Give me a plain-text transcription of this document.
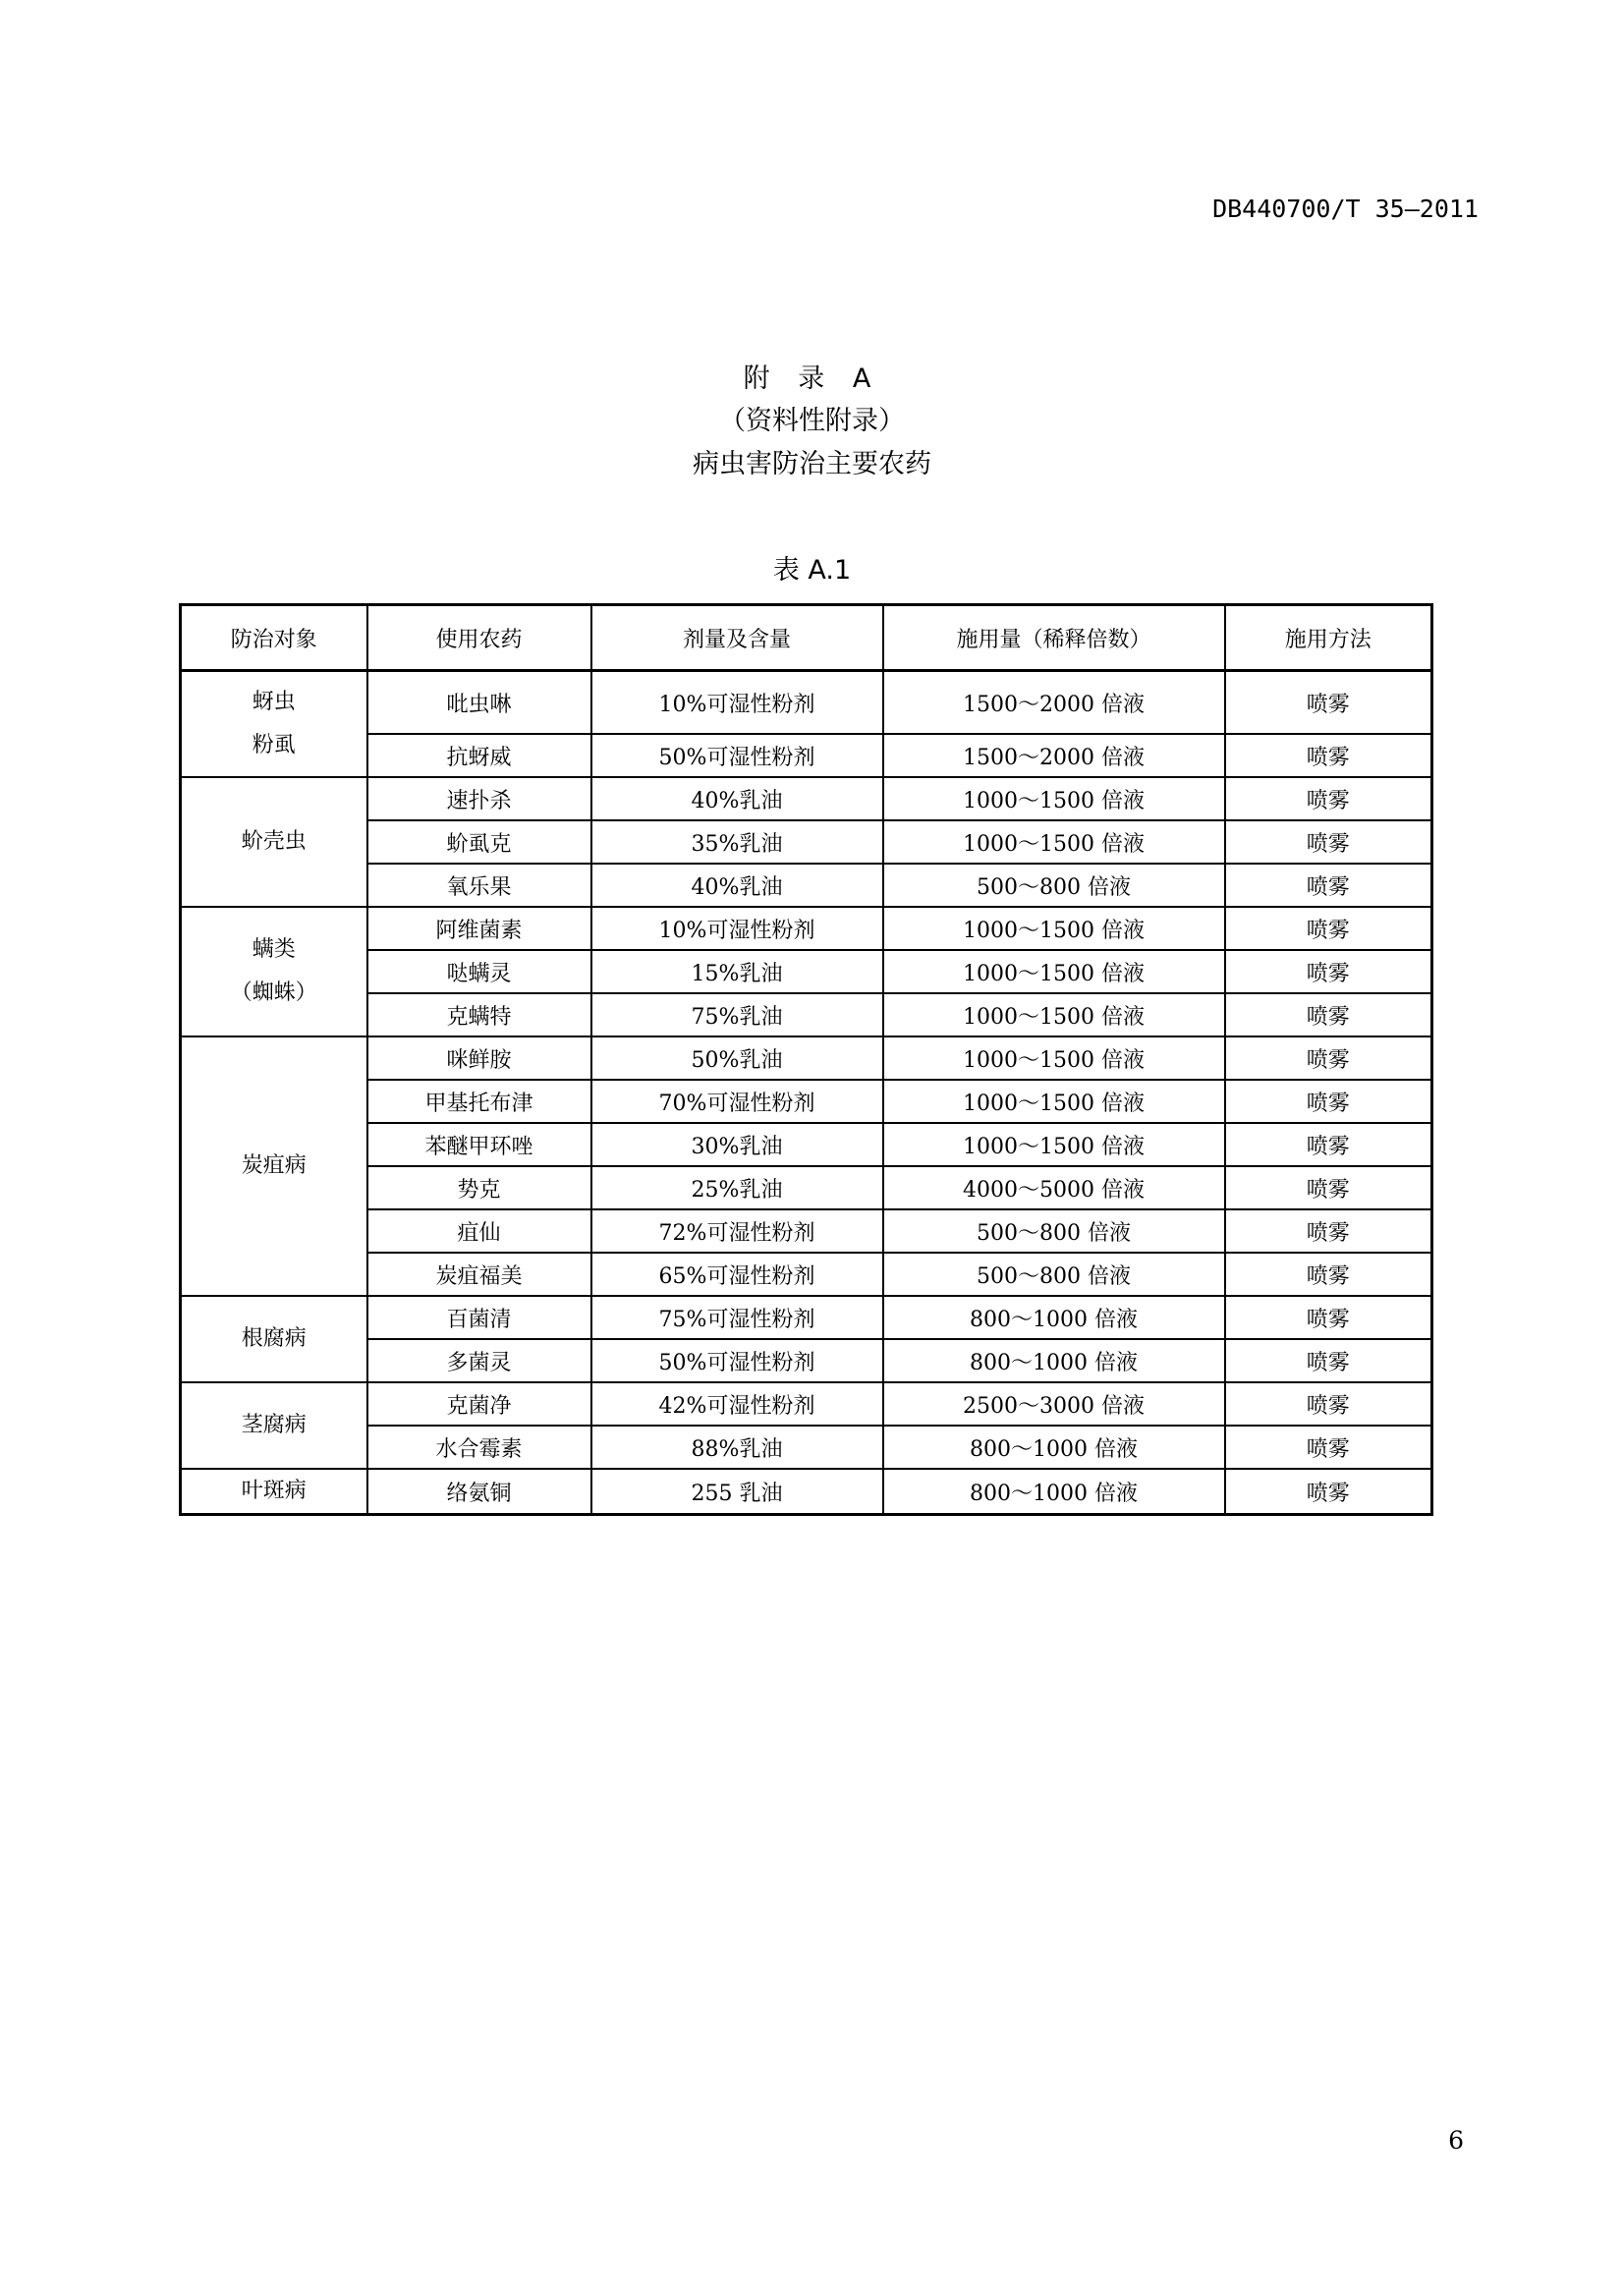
DB440700/T 35—2011
附 录 A
（资料性附录）
病虫害防治主要农药
表 A.1
防治对象	使用农药	剂量及含量	施用量（稀释倍数）	施用方法

蚜虫
粉虱	吡虫啉	10%可湿性粉剂	1500～2000 倍液	喷雾
	抗蚜威	50%可湿性粉剂	1500～2000 倍液	喷雾

蚧壳虫	速扑杀	40%乳油	1000～1500 倍液	喷雾
	蚧虱克	35%乳油	1000～1500 倍液	喷雾
	氧乐果	40%乳油	500～800 倍液	喷雾

螨类
（蜘蛛）	阿维菌素	10%可湿性粉剂	1000～1500 倍液	喷雾
	哒螨灵	15%乳油	1000～1500 倍液	喷雾
	克螨特	75%乳油	1000～1500 倍液	喷雾

炭疽病	咪鲜胺	50%乳油	1000～1500 倍液	喷雾
	甲基托布津	70%可湿性粉剂	1000～1500 倍液	喷雾
	苯醚甲环唑	30%乳油	1000～1500 倍液	喷雾
	势克	25%乳油	4000～5000 倍液	喷雾
	疽仙	72%可湿性粉剂	500～800 倍液	喷雾
	炭疽福美	65%可湿性粉剂	500～800 倍液	喷雾

根腐病	百菌清	75%可湿性粉剂	800～1000 倍液	喷雾
	多菌灵	50%可湿性粉剂	800～1000 倍液	喷雾

茎腐病	克菌净	42%可湿性粉剂	2500～3000 倍液	喷雾
	水合霉素	88%乳油	800～1000 倍液	喷雾

叶斑病	络氨铜	255 乳油	800～1000 倍液	喷雾
6
